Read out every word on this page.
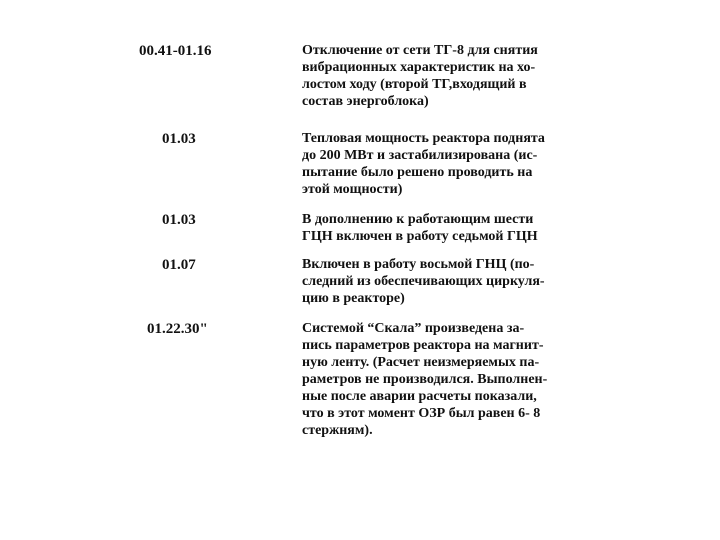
00.41-01.16	Отключение от сети ТГ-8 для снятия
вибрационных характеристик на хо-
лостом ходу (второй ТГ,входящий в
состав энергоблока)
01.03	Тепловая мощность реактора поднята
до 200 МВт и застабилизирована (ис-
пытание было решено проводить на
этой мощности)
01.03	В дополнению к работающим шести
ГЦН включен в работу седьмой ГЦН
01.07	Включен в работу восьмой ГНЦ (по-
следний из обеспечивающих циркуля-
цию в реакторе)
01.22.30"	Системой “Скала” произведена за-
пись параметров реактора на магнит-
ную ленту. (Расчет неизмеряемых па-
раметров не производился. Выполнен-
ные после аварии расчеты показали,
что в этот момент ОЗР был равен 6- 8
стержням).
